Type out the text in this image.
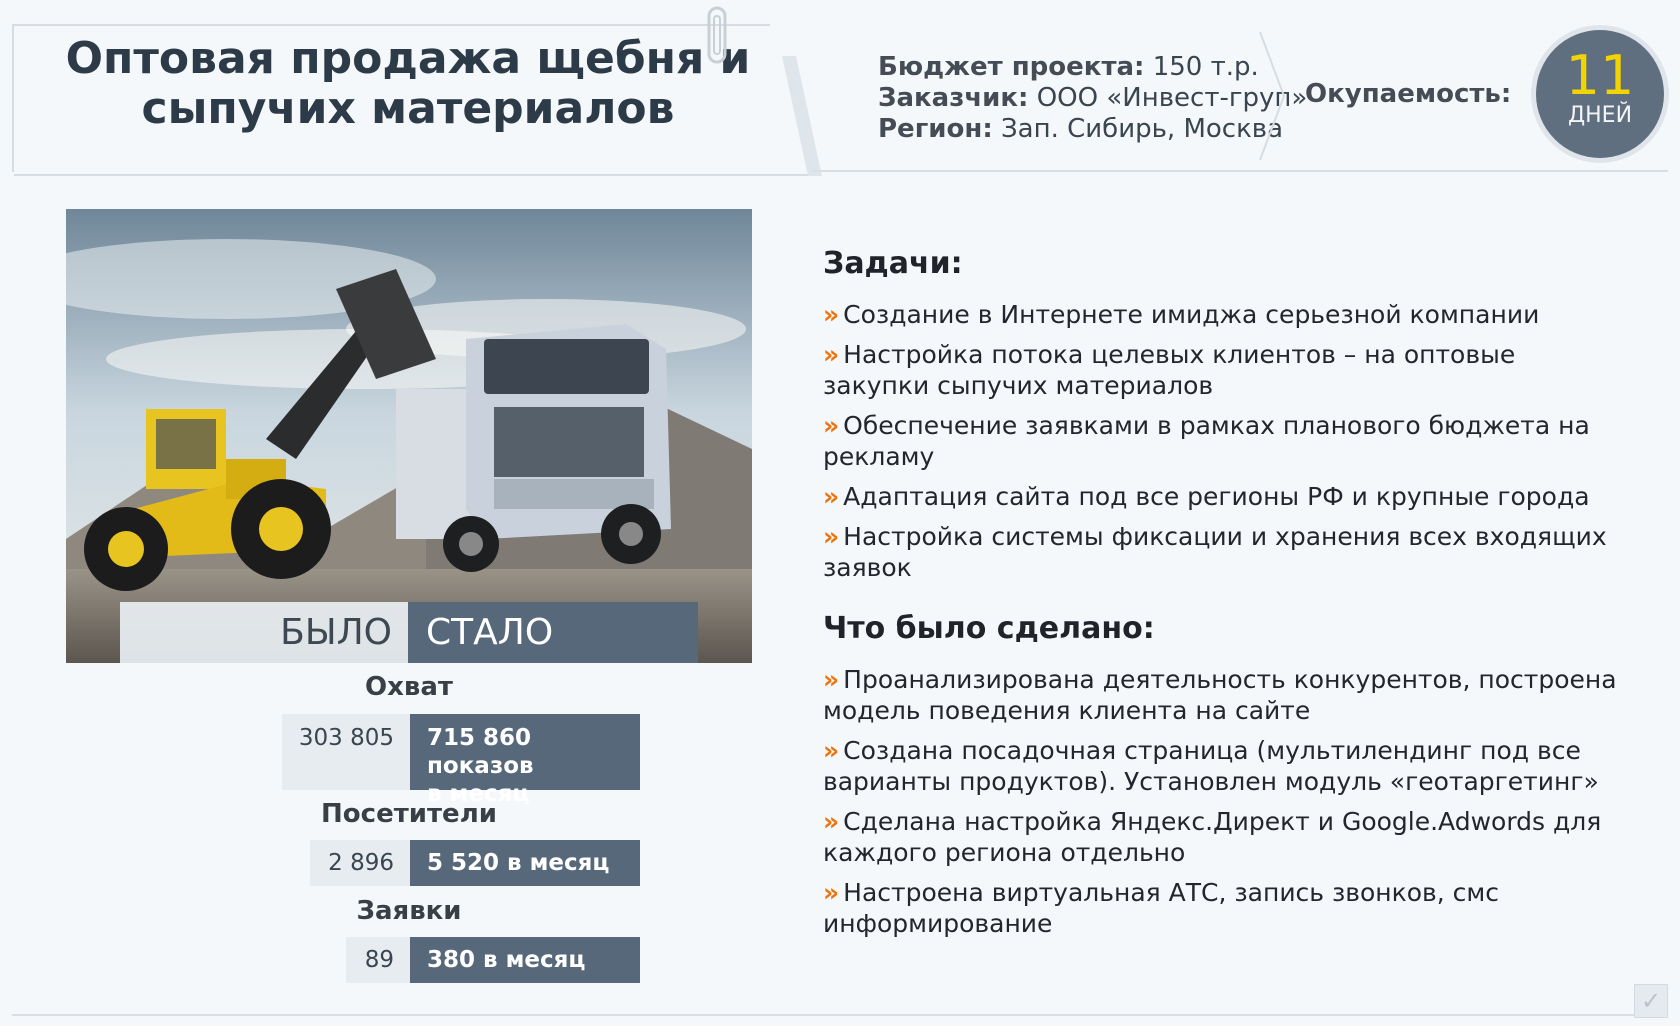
Оптовая продажа щебня и сыпучих материалов
Бюджет проекта: 150 т.р.
Заказчик: ООО «Инвест-груп»
Регион: Зап. Сибирь, Москва
Окупаемость:	11
ДНЕЙ
БЫЛО СТАЛО
Охват
303 805	715 860 показов
в месяц
Посетители
2 896	5 520 в месяц
Заявки
89	380 в месяц
Задачи:
» Создание в Интернете имиджа серьезной компании
» Настройка потока целевых клиентов – на оптовые закупки сыпучих материалов
» Обеспечение заявками в рамках планового бюджета на рекламу
» Адаптация сайта под все регионы РФ и крупные города
» Настройка системы фиксации и хранения всех входящих заявок
Что было сделано:
» Проанализирована деятельность конкурентов, построена модель поведения клиента на сайте
» Создана посадочная страница (мультилендинг под все варианты продуктов). Установлен модуль «геотаргетинг»
» Сделана настройка Яндекс.Директ и Google.Adwords для каждого региона отдельно
» Настроена виртуальная АТС, запись звонков, смс информирование
✓
